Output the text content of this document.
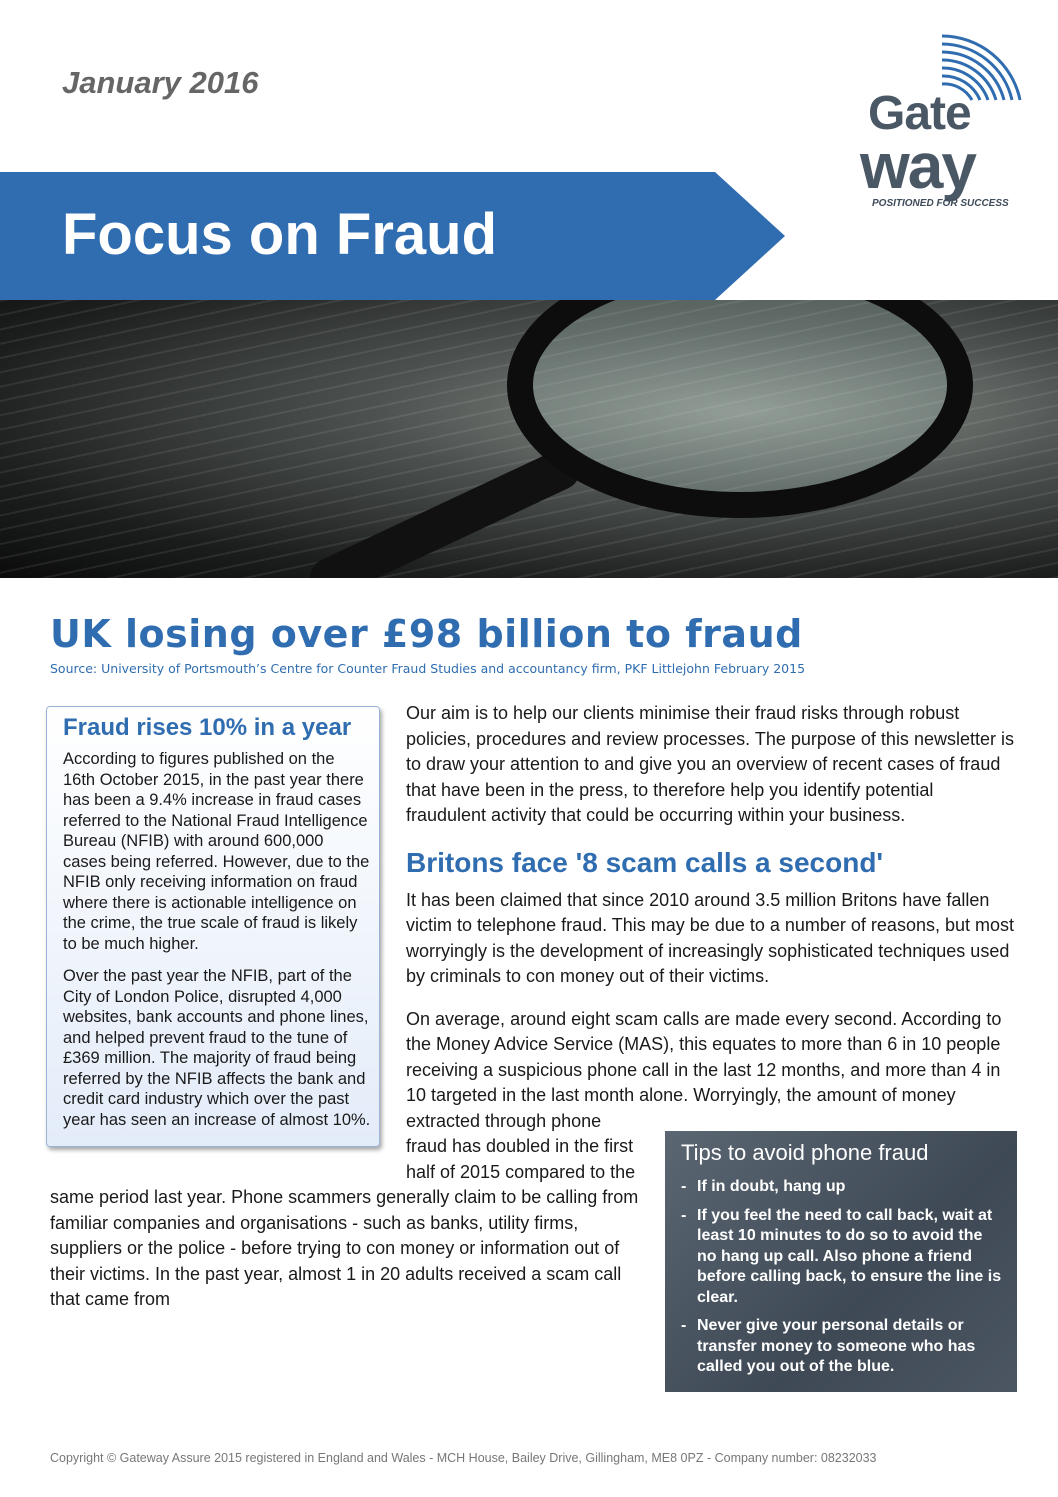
January 2016
Gate
way
POSITIONED FOR SUCCESS
Focus on Fraud
UK losing over £98 billion to fraud
Source: University of Portsmouth’s Centre for Counter Fraud Studies and accountancy firm, PKF Littlejohn February 2015
Fraud rises 10% in a year

According to figures published on the 16th October 2015, in the past year there has been a 9.4% increase in fraud cases referred to the National Fraud Intelligence Bureau (NFIB) with around 600,000 cases being referred. However, due to the NFIB only receiving information on fraud where there is actionable intelligence on the crime, the true scale of fraud is likely to be much higher.

Over the past year the NFIB, part of the City of London Police, disrupted 4,000 websites, bank accounts and phone lines, and helped prevent fraud to the tune of £369 million. The majority of fraud being referred by the NFIB affects the bank and credit card industry which over the past year has seen an increase of almost 10%.

Tips to avoid phone fraud
- If in doubt, hang up
- If you feel the need to call back, wait at least 10 minutes to do so to avoid the no hang up call. Also phone a friend before calling back, to ensure the line is clear.
- Never give your personal details or transfer money to someone who has called you out of the blue.

Our aim is to help our clients minimise their fraud risks through robust policies, procedures and review processes. The purpose of this newsletter is to draw your attention to and give you an overview of recent cases of fraud that have been in the press, to therefore help you identify potential fraudulent activity that could be occurring within your business.

Britons face '8 scam calls a second'

It has been claimed that since 2010 around 3.5 million Britons have fallen victim to telephone fraud. This may be due to a number of reasons, but most worryingly is the development of increasingly sophisticated techniques used by criminals to con money out of their victims.

On average, around eight scam calls are made every second. According to the Money Advice Service (MAS), this equates to more than 6 in 10 people receiving a suspicious phone call in the last 12 months, and more than 4 in 10 targeted in the last month alone. Worryingly, the amount of money extracted through phone fraud has doubled in the first half of 2015 compared to the same period last year. Phone scammers generally claim to be calling from familiar companies and organisations - such as banks, utility firms, suppliers or the police - before trying to con money or information out of their victims. In the past year, almost 1 in 20 adults received a scam call that came from

Copyright © Gateway Assure 2015 registered in England and Wales - MCH House, Bailey Drive, Gillingham, ME8 0PZ - Company number: 08232033
